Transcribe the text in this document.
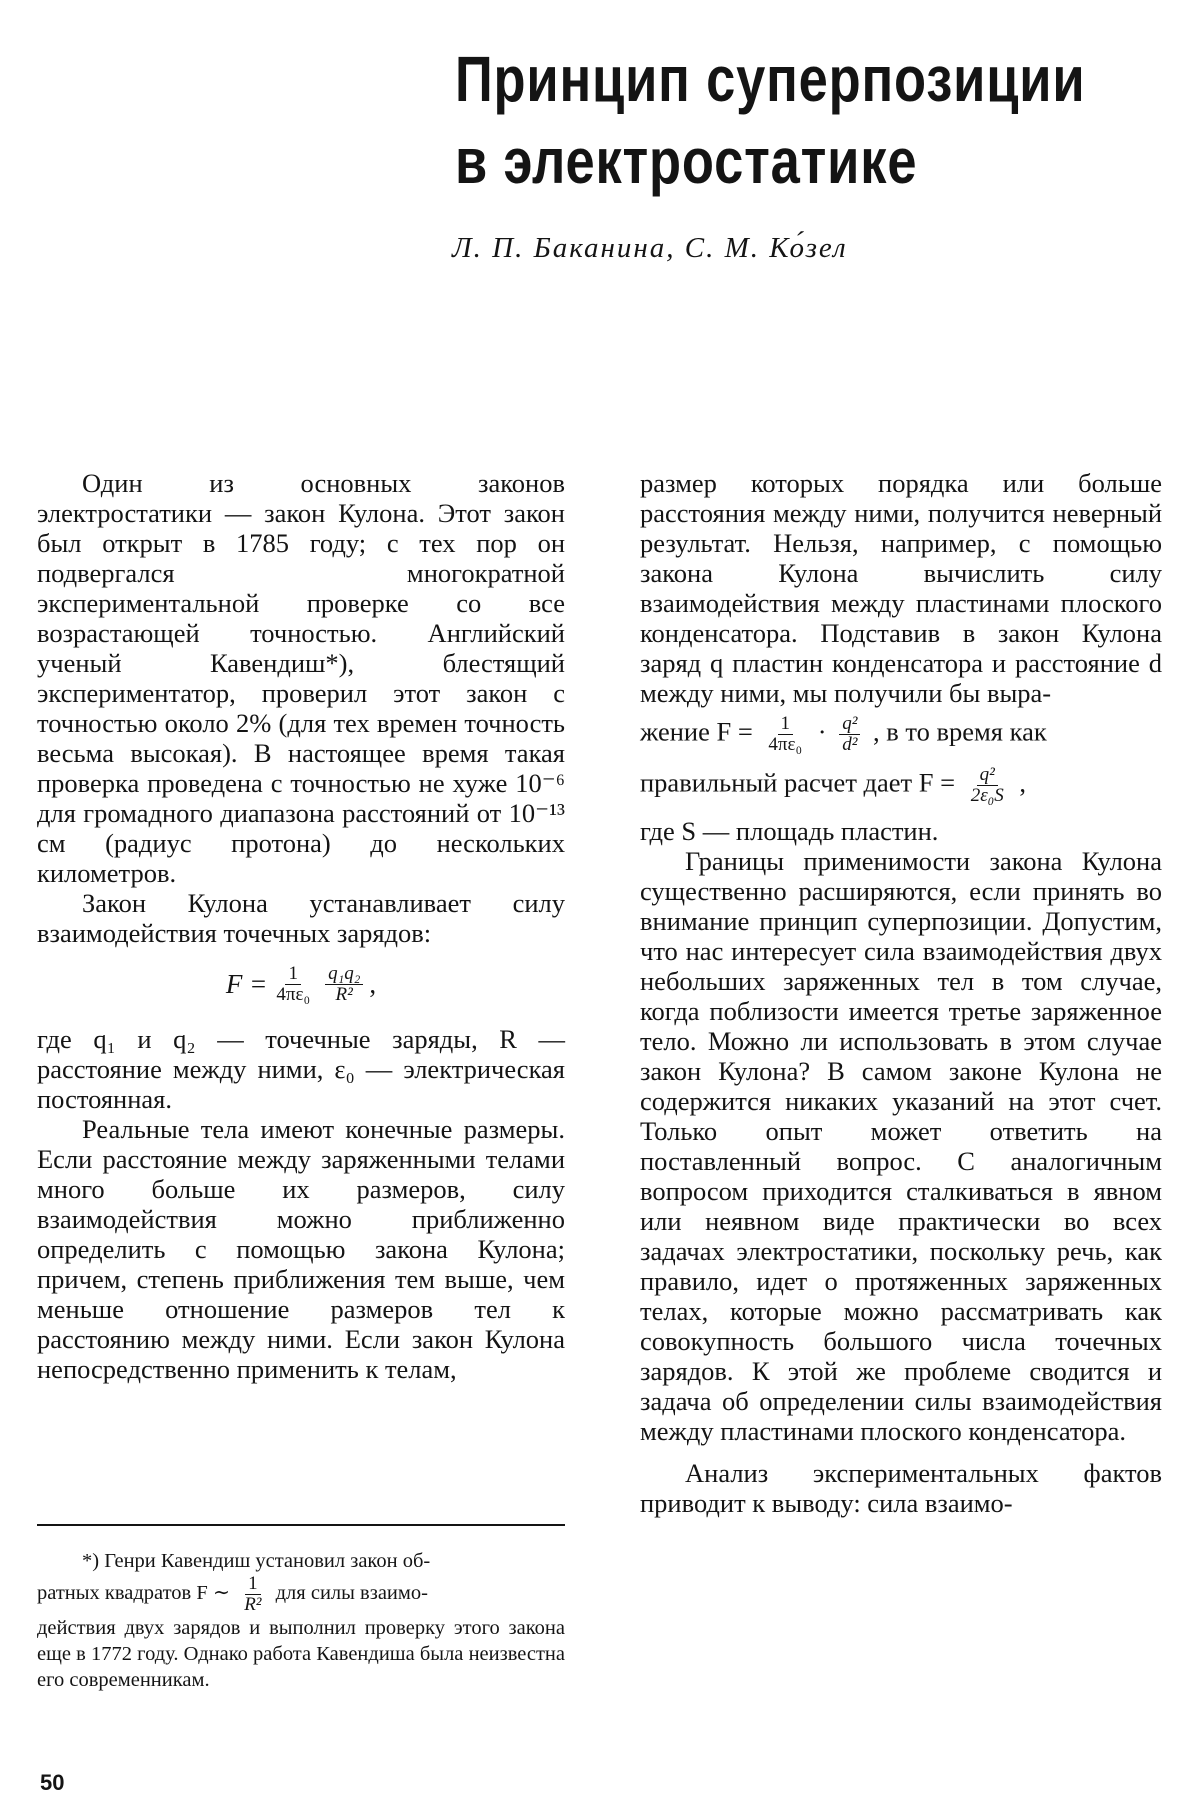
Принцип суперпозиции
в электростатике
Л. П. Баканина, С. М. Ко́зел

Один из основных законов электростатики — закон Кулона. Этот закон был открыт в 1785 году; с тех пор он подвергался многократной экспериментальной проверке со все возрастающей точностью. Английский ученый Кавендиш*), блестящий экспериментатор, проверил этот закон с точностью около 2% (для тех времен точность весьма высокая). В настоящее время такая проверка проведена с точностью не хуже 10⁻⁶ для громадного диапазона расстояний от 10⁻¹³ см (радиус протона) до нескольких километров.

Закон Кулона устанавливает силу взаимодействия точечных зарядов:

$F = \frac{1}{\text{4πε₀}} \frac{\text{q₁q₂}}{\text{R²}}$ ,

где q₁ и q₂ — точечные заряды, R — расстояние между ними, ε₀ — электрическая постоянная.

Реальные тела имеют конечные размеры. Если расстояние между заряженными телами много больше их размеров, силу взаимодействия можно приближенно определить с помощью закона Кулона; причем, степень приближения тем выше, чем меньше отношение размеров тел к расстоянию между ними. Если закон Кулона непосредственно применить к телам,

размер которых порядка или больше расстояния между ними, получится неверный результат. Нельзя, например, с помощью закона Кулона вычислить силу взаимодействия между пластинами плоского конденсатора. Подставив в закон Кулона заряд q пластин конденсатора и расстояние d между ними, мы получили бы выра-

жение $F = \frac{1}{\text{4πε₀}} \cdot \frac{\text{q²}}{\text{d²}}$ , в то время как
правильный расчет дает $F = \frac{\text{q²}}{\text{2ε₀S}}$ ,

где S — площадь пластин.

Границы применимости закона Кулона существенно расширяются, если принять во внимание принцип суперпозиции. Допустим, что нас интересует сила взаимодействия двух небольших заряженных тел в том случае, когда поблизости имеется третье заряженное тело. Можно ли использовать в этом случае закон Кулона? В самом законе Кулона не содержится никаких указаний на этот счет. Только опыт может ответить на поставленный вопрос. С аналогичным вопросом приходится сталкиваться в явном или неявном виде практически во всех задачах электростатики, поскольку речь, как правило, идет о протяженных заряженных телах, которые можно рассматривать как совокупность большого числа точечных зарядов. К этой же проблеме сводится и задача об определении силы взаимодействия между пластинами плоского конденсатора.

Анализ экспериментальных фактов приводит к выводу: сила взаимо-

*) Генри Кавендиш установил закон об-

ратных квадратов F ∼ $\frac{1}{\text{R²}}$ для силы взаимо-

действия двух зарядов и выполнил проверку этого закона еще в 1772 году. Однако работа Кавендиша была неизвестна его современникам.

50
